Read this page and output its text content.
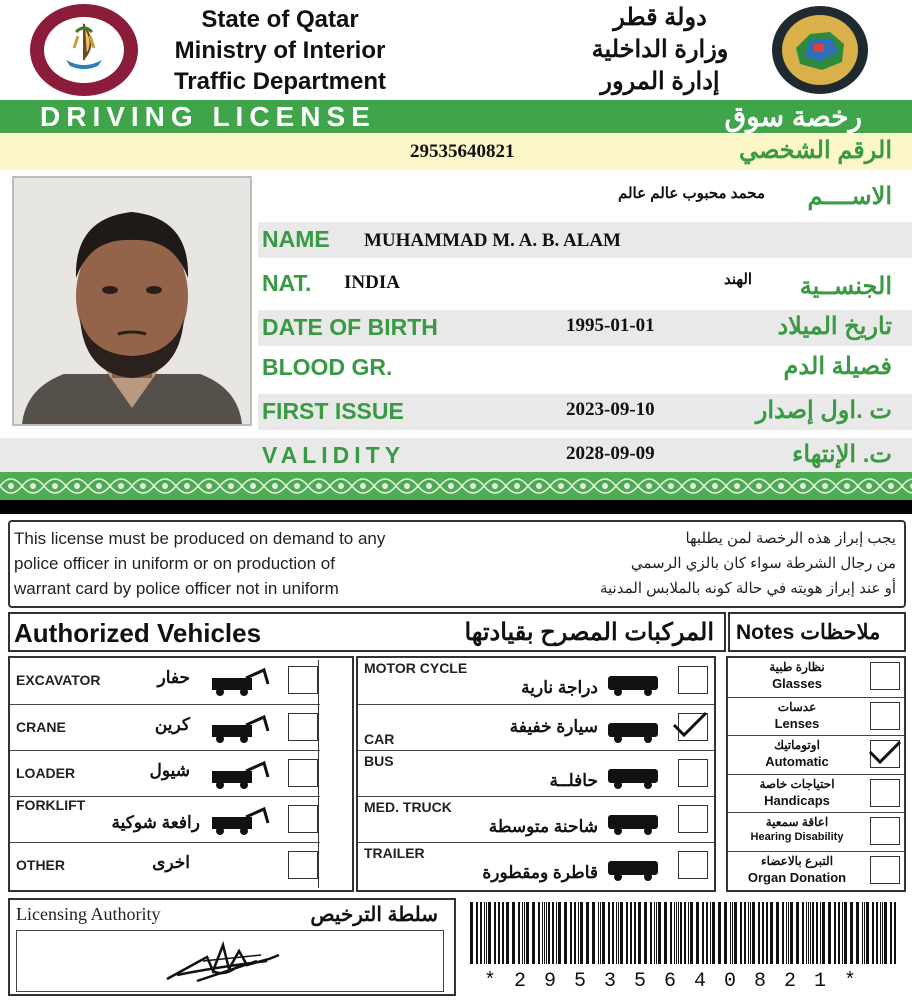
State of Qatar
Ministry of Interior
Traffic Department
دولة قطر
وزارة الداخلية
إدارة المرور
DRIVING LICENSE	رخصة سوق
29535640821	الرقم الشخصي
محمد محبوب عالم عالم الاســــم
NAME MUHAMMAD M. A. B. ALAM
NAT. INDIA	الهند الجنســية
DATE OF BIRTH	1995-01-01	تاريخ الميلاد
BLOOD GR.	فصيلة الدم
FIRST ISSUE	2023-09-10	ت .اول إصدار
VALIDITY	2028-09-09	ت. الإنتهاء
This license must be produced on demand to any
police officer in uniform or on production of
warrant card by police officer not in uniform
يجب إبراز هذه الرخصة لمن يطلبها
من رجال الشرطة سواء كان بالزي الرسمي
أو عند إبراز هويته في حالة كونه بالملابس المدنية
Authorized Vehicles	المركبات المصرح بقيادتها Notes ملاحظات
EXCAVATOR	حفار
CRANE	كرين
LOADER	شيول
FORKLIFT
رافعة شوكية
OTHER	اخرى
MOTOR CYCLE
دراجة نارية
CAR
سيارة خفيفة
BUS
حافلــة
MED. TRUCK
شاحنة متوسطة
TRAILER
قاطرة ومقطورة
نظارة طبية
Glasses
عدسات
Lenses
اوتوماتيك
Automatic
احتياجات خاصة
Handicaps
اعاقة سمعية
Hearing Disability
التبرع بالاعضاء
Organ Donation
Licensing Authority	سلطة الترخيص
* 2 9 5 3 5 6 4 0 8 2 1 *
